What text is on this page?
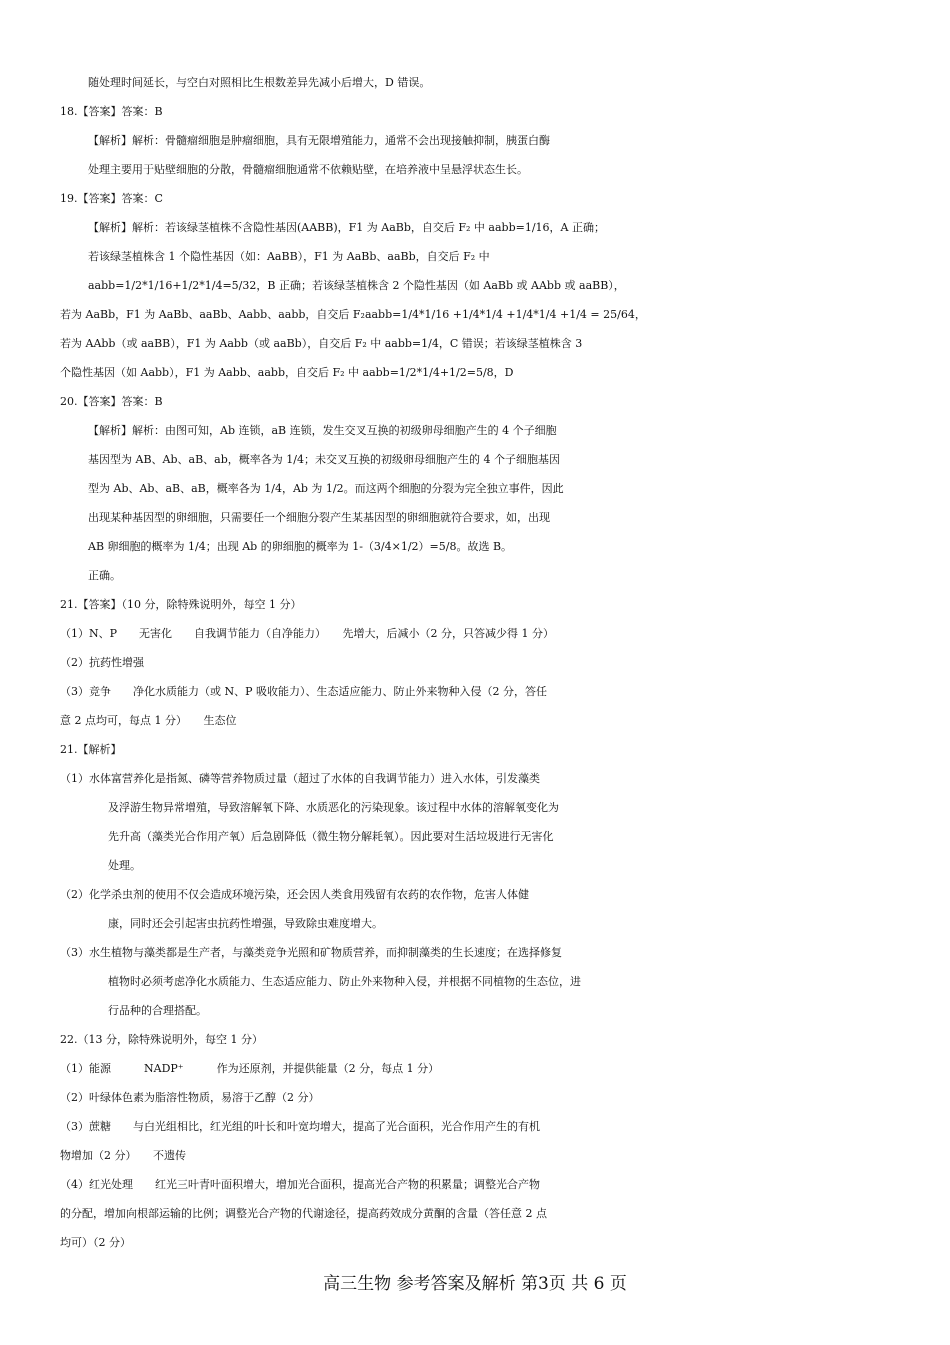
随处理时间延长，与空白对照相比生根数差异先减小后增大，D 错误。
18.【答案】答案：B
【解析】解析：骨髓瘤细胞是肿瘤细胞，具有无限增殖能力，通常不会出现接触抑制，胰蛋白酶
处理主要用于贴壁细胞的分散，骨髓瘤细胞通常不依赖贴壁，在培养液中呈悬浮状态生长。
19.【答案】答案：C
【解析】解析：若该绿茎植株不含隐性基因(AABB)，F1 为 AaBb，自交后 F₂ 中 aabb=1/16，A 正确；
若该绿茎植株含 1 个隐性基因（如：AaBB），F1 为 AaBb、aaBb，自交后 F₂ 中
aabb=1/2*1/16+1/2*1/4=5/32，B 正确；若该绿茎植株含 2 个隐性基因（如 AaBb 或 AAbb 或 aaBB），
若为 AaBb，F1 为 AaBb、aaBb、Aabb、aabb，自交后 F₂aabb=1/4*1/16 +1/4*1/4 +1/4*1/4 +1/4 = 25/64，
若为 AAbb（或 aaBB），F1 为 Aabb（或 aaBb），自交后 F₂ 中 aabb=1/4，C 错误；若该绿茎植株含 3
个隐性基因（如 Aabb），F1 为 Aabb、aabb，自交后 F₂ 中 aabb=1/2*1/4+1/2=5/8，D
20.【答案】答案：B
【解析】解析：由图可知，Ab 连锁，aB 连锁，发生交叉互换的初级卵母细胞产生的 4 个子细胞
基因型为 AB、Ab、aB、ab，概率各为 1/4；未交叉互换的初级卵母细胞产生的 4 个子细胞基因
型为 Ab、Ab、aB、aB，概率各为 1/4，Ab 为 1/2。而这两个细胞的分裂为完全独立事件，因此
出现某种基因型的卵细胞，只需要任一个细胞分裂产生某基因型的卵细胞就符合要求，如，出现
AB 卵细胞的概率为 1/4；出现 Ab 的卵细胞的概率为 1-（3/4×1/2）=5/8。故选 B。
正确。
21.【答案】（10 分，除特殊说明外，每空 1 分）
（1）N、P　　无害化　　自我调节能力（自净能力）　　先增大，后减小（2 分，只答减少得 1 分）
（2）抗药性增强
（3）竞争　　净化水质能力（或 N、P 吸收能力）、生态适应能力、防止外来物种入侵（2 分，答任
意 2 点均可，每点 1 分）　　生态位
21.【解析】
（1）水体富营养化是指氮、磷等营养物质过量（超过了水体的自我调节能力）进入水体，引发藻类
及浮游生物异常增殖，导致溶解氧下降、水质恶化的污染现象。该过程中水体的溶解氧变化为
先升高（藻类光合作用产氧）后急剧降低（微生物分解耗氧）。因此要对生活垃圾进行无害化
处理。
（2）化学杀虫剂的使用不仅会造成环境污染，还会因人类食用残留有农药的农作物，危害人体健
康，同时还会引起害虫抗药性增强，导致除虫难度增大。
（3）水生植物与藻类都是生产者，与藻类竞争光照和矿物质营养，而抑制藻类的生长速度；在选择修复
植物时必须考虑净化水质能力、生态适应能力、防止外来物种入侵，并根据不同植物的生态位，进
行品种的合理搭配。
22.（13 分，除特殊说明外，每空 1 分）
（1）能源　　　NADP⁺　　　作为还原剂，并提供能量（2 分，每点 1 分）
（2）叶绿体色素为脂溶性物质，易溶于乙醇（2 分）
（3）蔗糖　　与白光组相比，红光组的叶长和叶宽均增大，提高了光合面积，光合作用产生的有机
物增加（2 分）　　不遗传
（4）红光处理　　红光三叶青叶面积增大，增加光合面积，提高光合产物的积累量；调整光合产物
的分配，增加向根部运输的比例；调整光合产物的代谢途径，提高药效成分黄酮的含量（答任意 2 点
均可）（2 分）
高三生物 参考答案及解析 第3页 共 6 页
